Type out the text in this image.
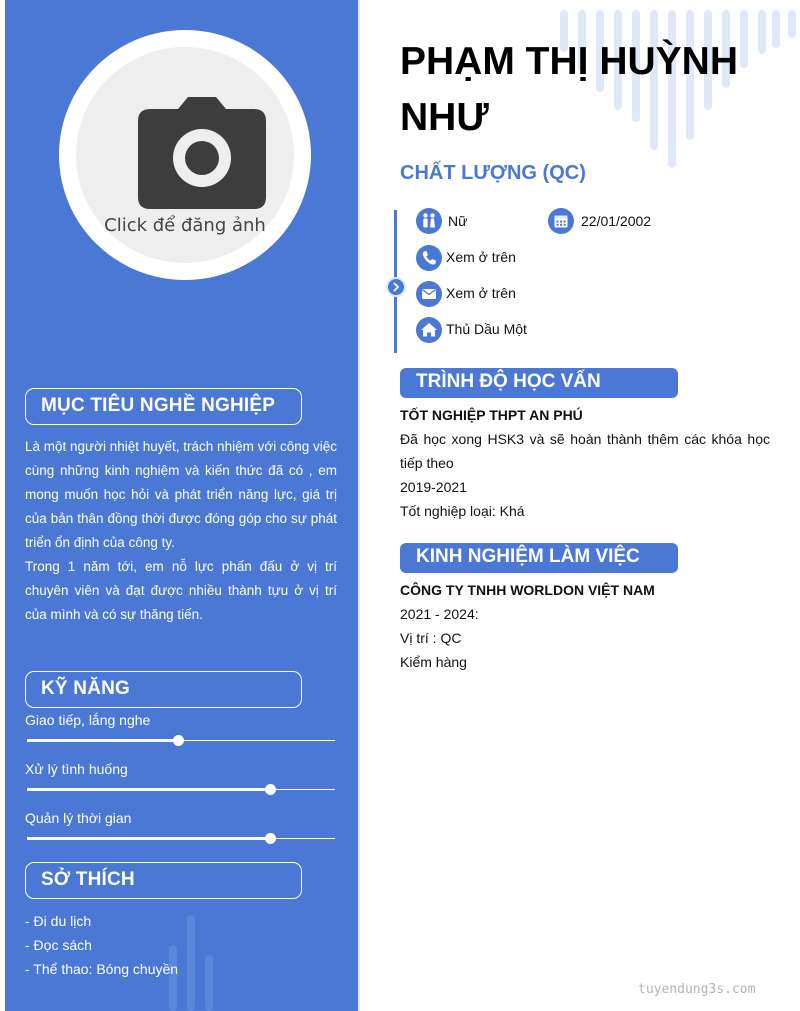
Click để đăng ảnh
MỤC TIÊU NGHỀ NGHIỆP
Là một người nhiệt huyết, trách nhiệm với công việc cùng những kinh nghiệm và kiến thức đã có , em mong muốn học hỏi và phát triển năng lực, giá trị của bản thân đồng thời được đóng góp cho sự phát triển ổn định của công ty.
Trong 1 năm tới, em nỗ lực phấn đấu ở vị trí chuyên viên và đạt được nhiều thành tựu ở vị trí của mình và có sự thăng tiến.
KỸ NĂNG
Giao tiếp, lắng nghe
Xử lý tình huống
Quản lý thời gian
SỞ THÍCH
- Đi du lịch
- Đọc sách
- Thể thao: Bóng chuyền
PHẠM THỊ HUỲNH NHƯ
CHẤT LƯỢNG (QC)
Nữ	22/01/2002
Xem ở trên
Xem ở trên
Thủ Dầu Một
TRÌNH ĐỘ HỌC VẤN
TỐT NGHIỆP THPT AN PHÚ
Đã học xong HSK3 và sẽ hoàn thành thêm các khóa học tiếp theo
2019-2021
Tốt nghiệp loại: Khá
KINH NGHIỆM LÀM VIỆC
CÔNG TY TNHH WORLDON VIỆT NAM
2021 - 2024:
Vị trí : QC
Kiểm hàng
tuyendung3s.com
